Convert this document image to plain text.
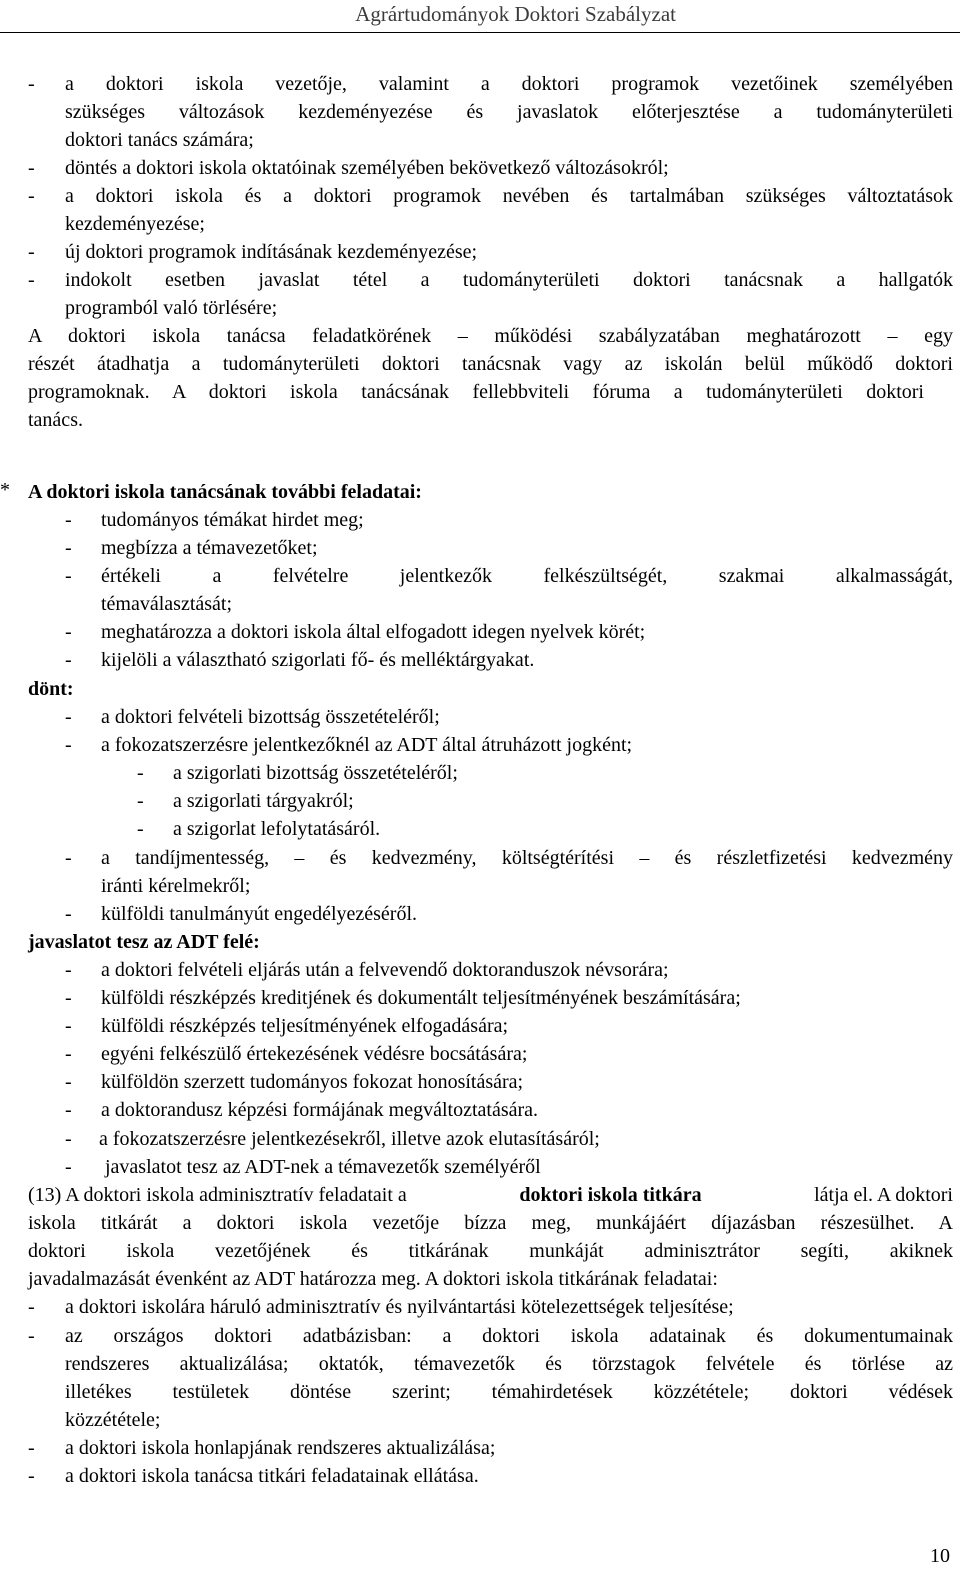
Agrártudományok Doktori Szabályzat
- a doktori iskola vezetője, valamint a doktori programok vezetőinek személyében
szükséges változások kezdeményezése és javaslatok előterjesztése a tudományterületi
doktori tanács számára;
- döntés a doktori iskola oktatóinak személyében bekövetkező változásokról;
- a doktori iskola és a doktori programok nevében és tartalmában szükséges változtatások
kezdeményezése;
- új doktori programok indításának kezdeményezése;
- indokolt esetben javaslat tétel a tudományterületi doktori tanácsnak a hallgatók
programból való törlésére;
A doktori iskola tanácsa feladatkörének – működési szabályzatában meghatározott – egy
részét átadhatja a tudományterületi doktori tanácsnak vagy az iskolán belül működő doktori
programoknak. A doktori iskola tanácsának fellebbviteli fóruma a tudományterületi doktori
tanács.
* A doktori iskola tanácsának további feladatai:
- tudományos témákat hirdet meg;
- megbízza a témavezetőket;
- értékeli a felvételre jelentkezők felkészültségét, szakmai alkalmasságát,
témaválasztását;
- meghatározza a doktori iskola által elfogadott idegen nyelvek körét;
- kijelöli a választható szigorlati fő- és melléktárgyakat.
dönt:
- a doktori felvételi bizottság összetételéről;
- a fokozatszerzésre jelentkezőknél az ADT által átruházott jogként;
- a szigorlati bizottság összetételéről;
- a szigorlati tárgyakról;
- a szigorlat lefolytatásáról.
- a tandíjmentesség, – és kedvezmény, költségtérítési – és részletfizetési kedvezmény
iránti kérelmekről;
- külföldi tanulmányút engedélyezéséről.
javaslatot tesz az ADT felé:
- a doktori felvételi eljárás után a felvevendő doktoranduszok névsorára;
- külföldi részképzés kreditjének és dokumentált teljesítményének beszámítására;
- külföldi részképzés teljesítményének elfogadására;
- egyéni felkészülő értekezésének védésre bocsátására;
- külföldön szerzett tudományos fokozat honosítására;
- a doktorandusz képzési formájának megváltoztatására.
- a fokozatszerzésre jelentkezésekről, illetve azok elutasításáról;
- javaslatot tesz az ADT-nek a témavezetők személyéről
(13) A doktori iskola adminisztratív feladatait a	doktori iskola titkára	látja el. A doktori
iskola titkárát a doktori iskola vezetője bízza meg, munkájáért díjazásban részesülhet. A
doktori iskola vezetőjének és titkárának munkáját adminisztrátor segíti, akiknek
javadalmazását évenként az ADT határozza meg. A doktori iskola titkárának feladatai:
- a doktori iskolára háruló adminisztratív és nyilvántartási kötelezettségek teljesítése;
- az országos doktori adatbázisban: a doktori iskola adatainak és dokumentumainak
rendszeres aktualizálása; oktatók, témavezetők és törzstagok felvétele és törlése az
illetékes testületek döntése szerint; témahirdetések közzététele; doktori védések
közzététele;
- a doktori iskola honlapjának rendszeres aktualizálása;
- a doktori iskola tanácsa titkári feladatainak ellátása.
10
